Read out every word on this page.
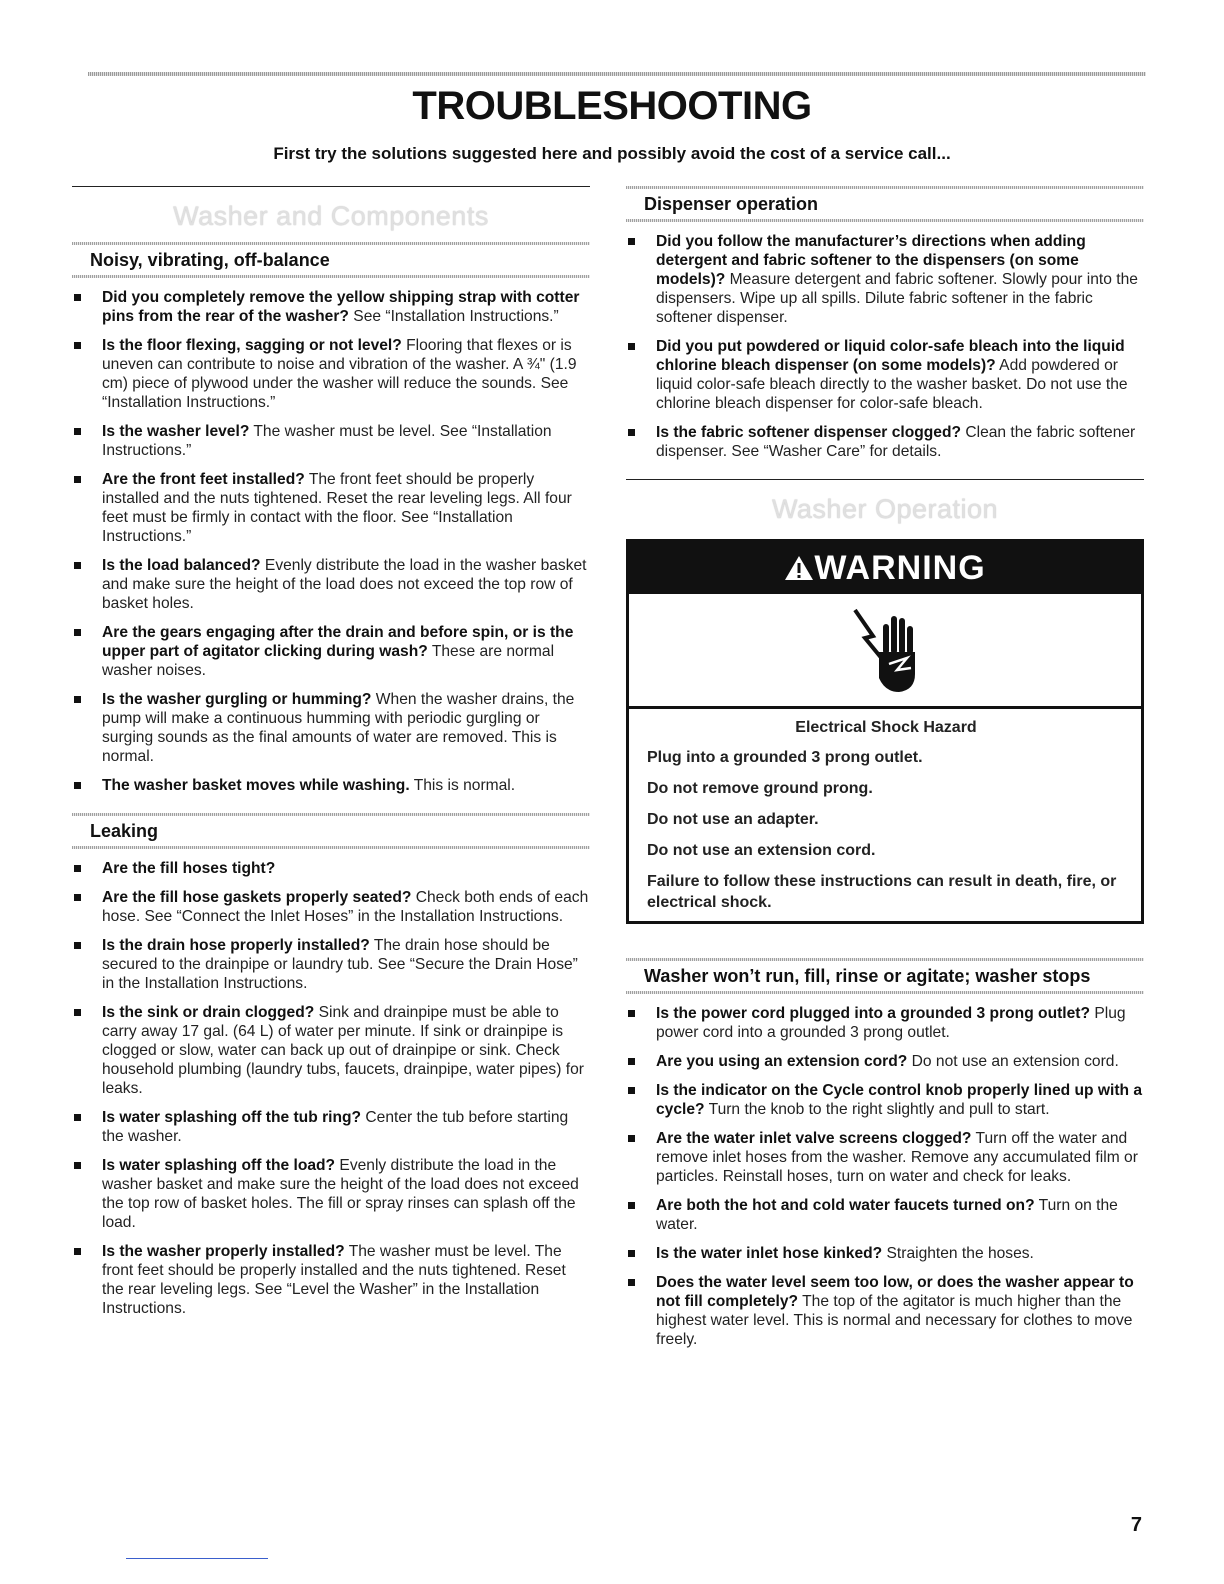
TROUBLESHOOTING

First try the solutions suggested here and possibly avoid the cost of a service call...

Washer and Components
Noisy, vibrating, off-balance
Did you completely remove the yellow shipping strap with cotter pins from the rear of the washer? See “Installation Instructions.”
Is the floor flexing, sagging or not level? Flooring that flexes or is uneven can contribute to noise and vibration of the washer. A ¾" (1.9 cm) piece of plywood under the washer will reduce the sounds. See “Installation Instructions.”
Is the washer level? The washer must be level. See “Installation Instructions.”
Are the front feet installed? The front feet should be properly installed and the nuts tightened. Reset the rear leveling legs. All four feet must be firmly in contact with the floor. See “Installation Instructions.”
Is the load balanced? Evenly distribute the load in the washer basket and make sure the height of the load does not exceed the top row of basket holes.
Are the gears engaging after the drain and before spin, or is the upper part of agitator clicking during wash? These are normal washer noises.
Is the washer gurgling or humming? When the washer drains, the pump will make a continuous humming with periodic gurgling or surging sounds as the final amounts of water are removed. This is normal.
The washer basket moves while washing. This is normal.
Leaking
Are the fill hoses tight?
Are the fill hose gaskets properly seated? Check both ends of each hose. See “Connect the Inlet Hoses” in the Installation Instructions.
Is the drain hose properly installed? The drain hose should be secured to the drainpipe or laundry tub. See “Secure the Drain Hose” in the Installation Instructions.
Is the sink or drain clogged? Sink and drainpipe must be able to carry away 17 gal. (64 L) of water per minute. If sink or drainpipe is clogged or slow, water can back up out of drainpipe or sink. Check household plumbing (laundry tubs, faucets, drainpipe, water pipes) for leaks.
Is water splashing off the tub ring? Center the tub before starting the washer.
Is water splashing off the load? Evenly distribute the load in the washer basket and make sure the height of the load does not exceed the top row of basket holes. The fill or spray rinses can splash off the load.
Is the washer properly installed? The washer must be level. The front feet should be properly installed and the nuts tightened. Reset the rear leveling legs. See “Level the Washer” in the Installation Instructions.
Dispenser operation
Did you follow the manufacturer’s directions when adding detergent and fabric softener to the dispensers (on some models)? Measure detergent and fabric softener. Slowly pour into the dispensers. Wipe up all spills. Dilute fabric softener in the fabric softener dispenser.
Did you put powdered or liquid color-safe bleach into the liquid chlorine bleach dispenser (on some models)? Add powdered or liquid color-safe bleach directly to the washer basket. Do not use the chlorine bleach dispenser for color-safe bleach.
Is the fabric softener dispenser clogged? Clean the fabric softener dispenser. See “Washer Care” for details.
Washer Operation
WARNING
Electrical Shock Hazard
Plug into a grounded 3 prong outlet.
Do not remove ground prong.
Do not use an adapter.
Do not use an extension cord.
Failure to follow these instructions can result in death, fire, or electrical shock.
Washer won’t run, fill, rinse or agitate; washer stops
Is the power cord plugged into a grounded 3 prong outlet? Plug power cord into a grounded 3 prong outlet.
Are you using an extension cord? Do not use an extension cord.
Is the indicator on the Cycle control knob properly lined up with a cycle? Turn the knob to the right slightly and pull to start.
Are the water inlet valve screens clogged? Turn off the water and remove inlet hoses from the washer. Remove any accumulated film or particles. Reinstall hoses, turn on water and check for leaks.
Are both the hot and cold water faucets turned on? Turn on the water.
Is the water inlet hose kinked? Straighten the hoses.
Does the water level seem too low, or does the washer appear to not fill completely? The top of the agitator is much higher than the highest water level. This is normal and necessary for clothes to move freely.
7
